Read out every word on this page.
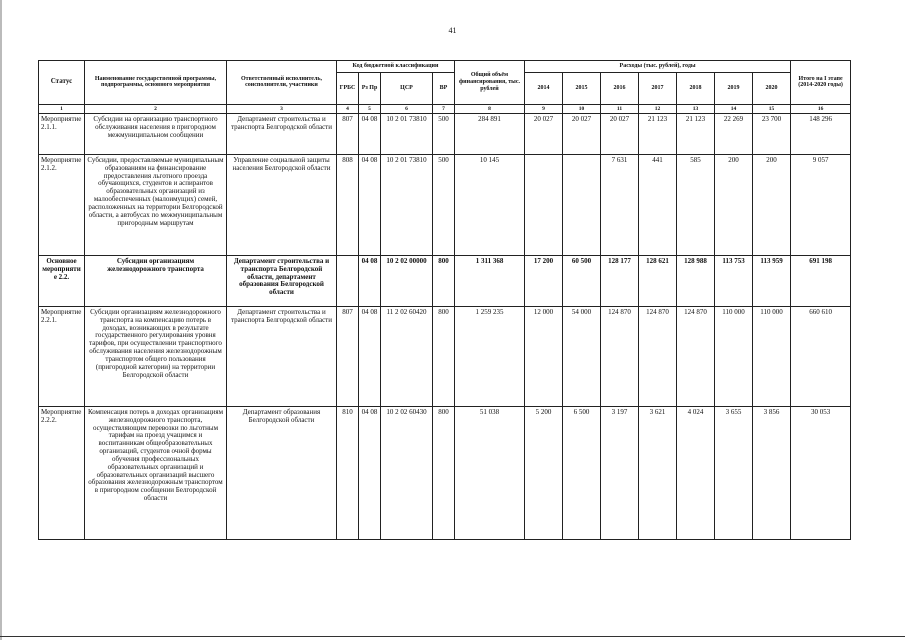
41
Статус	Наименование государственной программы, подпрограммы, основного мероприятия	Ответственный исполнитель, соисполнители, участники	Код бюджетной классификации				Общий объём финансирования, тыс. рублей	Расходы (тыс. рублей), годы							Итого на I этапе (2014-2020 годы)
			ГРБС	Рз Пр	ЦСР	ВР		2014	2015	2016	2017	2018	2019	2020	
1	2	3	4	5	6	7	8	9	10	11	12	13	14	15	16
Мероприятие 2.1.1.	Субсидии на организацию транспортного обслуживания населения в пригородном межмуниципальном сообщении	Департамент строительства и транспорта Белгородской области	807	04 08	10 2 01 73810	500	284 891	20 027	20 027	20 027	21 123	21 123	22 269	23 700	148 296
Мероприятие 2.1.2.	Субсидии, предоставляемые муниципальным образованиям на финансирование предоставления льготного проезда обучающихся, студентов и аспирантов образовательных организаций из малообеспеченных (малоимущих) семей, расположенных на территории Белгородской области, а автобусах по межмуниципальным пригородным маршрутам	Управление социальной защиты населения Белгородской области	808	04 08	10 2 01 73810	500	10 145			7 631	441	585	200	200	9 057
Основное мероприятие 2.2.	Субсидии организациям железнодорожного транспорта	Департамент строительства и транспорта Белгородской области, департамент образования Белгородской области		04 08	10 2 02 00000	800	1 311 368	17 200	60 500	128 177	128 621	128 988	113 753	113 959	691 198
Мероприятие 2.2.1.	Субсидии организациям железнодорожного транспорта на компенсацию потерь в доходах, возникающих в результате государственного регулирования уровня тарифов, при осуществлении транспортного обслуживания населения железнодорожным транспортом общего пользования (пригородной категории) на территории Белгородской области	Департамент строительства и транспорта Белгородской области	807	04 08	11 2 02 60420	800	1 259 235	12 000	54 000	124 870	124 870	124 870	110 000	110 000	660 610
Мероприятие 2.2.2.	Компенсация потерь в доходах организациям железнодорожного транспорта, осуществляющим перевозки по льготным тарифам на проезд учащимся и воспитанникам общеобразовательных организаций, студентов очной формы обучения профессиональных образовательных организаций и образовательных организаций высшего образования железнодорожным транспортом в пригородном сообщении Белгородской области	Департамент образования Белгородской области	810	04 08	10 2 02 60430	800	51 038	5 200	6 500	3 197	3 621	4 024	3 655	3 856	30 053
